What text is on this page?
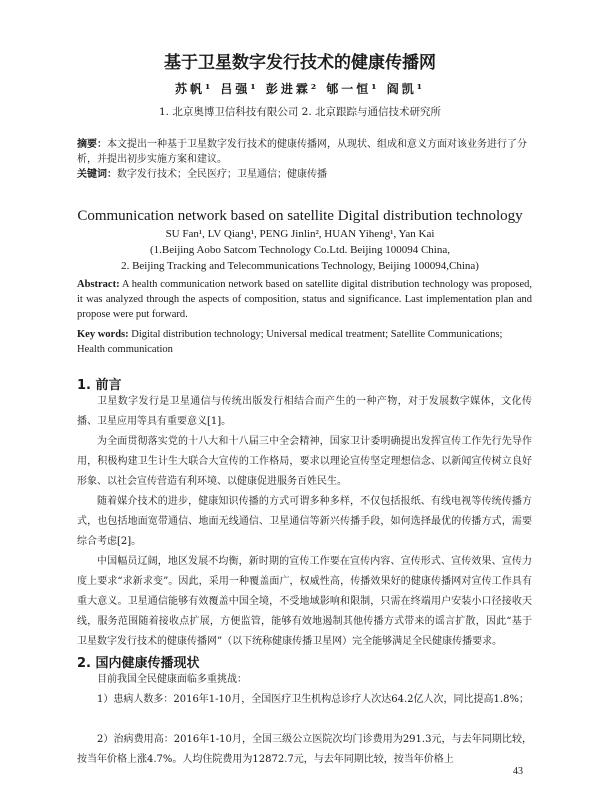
基于卫星数字发行技术的健康传播网
苏帆¹ 吕强¹ 彭进霖² 郇一恒¹ 阎凯¹
1. 北京奥博卫信科技有限公司 2. 北京跟踪与通信技术研究所
摘要：本文提出一种基于卫星数字发行技术的健康传播网，从现状、组成和意义方面对该业务进行了分析，并提出初步实施方案和建议。
关键词：数字发行技术；全民医疗；卫星通信；健康传播
Communication network based on satellite Digital distribution technology
SU Fan¹, LV Qiang¹, PENG Jinlin², HUAN Yiheng¹, Yan Kai
(1.Beijing Aobo Satcom Technology Co.Ltd. Beijing 100094 China,
2. Beijing Tracking and Telecommunications Technology, Beijing 100094,China)
Abstract: A health communication network based on satellite digital distribution technology was proposed, it was analyzed through the aspects of composition, status and significance. Last implementation plan and propose were put forward.
Key words: Digital distribution technology; Universal medical treatment; Satellite Communications; Health communication
1. 前言
卫星数字发行是卫星通信与传统出版发行相结合而产生的一种产物，对于发展数字媒体，文化传播、卫星应用等具有重要意义[1]。
为全面贯彻落实党的十八大和十八届三中全会精神，国家卫计委明确提出发挥宣传工作先行先导作用，积极构建卫生计生大联合大宣传的工作格局，要求以理论宣传坚定理想信念、以新闻宣传树立良好形象、以社会宣传营造有利环境、以健康促进服务百姓民生。
随着媒介技术的进步，健康知识传播的方式可谓多种多样，不仅包括报纸、有线电视等传统传播方式，也包括地面宽带通信、地面无线通信、卫星通信等新兴传播手段，如何选择最优的传播方式，需要综合考虑[2]。
中国幅员辽阔，地区发展不均衡，新时期的宣传工作要在宣传内容、宣传形式、宣传效果、宣传力度上要求“求新求变”。因此，采用一种覆盖面广，权威性高，传播效果好的健康传播网对宣传工作具有重大意义。卫星通信能够有效覆盖中国全境，不受地域影响和限制，只需在终端用户安装小口径接收天线，服务范围随着接收点扩展，方便监管，能够有效地遏制其他传播方式带来的谣言扩散，因此“基于卫星数字发行技术的健康传播网”（以下统称健康传播卫星网）完全能够满足全民健康传播要求。
2. 国内健康传播现状
目前我国全民健康面临多重挑战：
1）患病人数多：2016年1-10月，全国医疗卫生机构总诊疗人次达64.2亿人次，同比提高1.8%；
2）治病费用高：2016年1-10月，全国三级公立医院次均门诊费用为291.3元，与去年同期比较，按当年价格上涨4.7%。人均住院费用为12872.7元，与去年同期比较，按当年价格上
43
